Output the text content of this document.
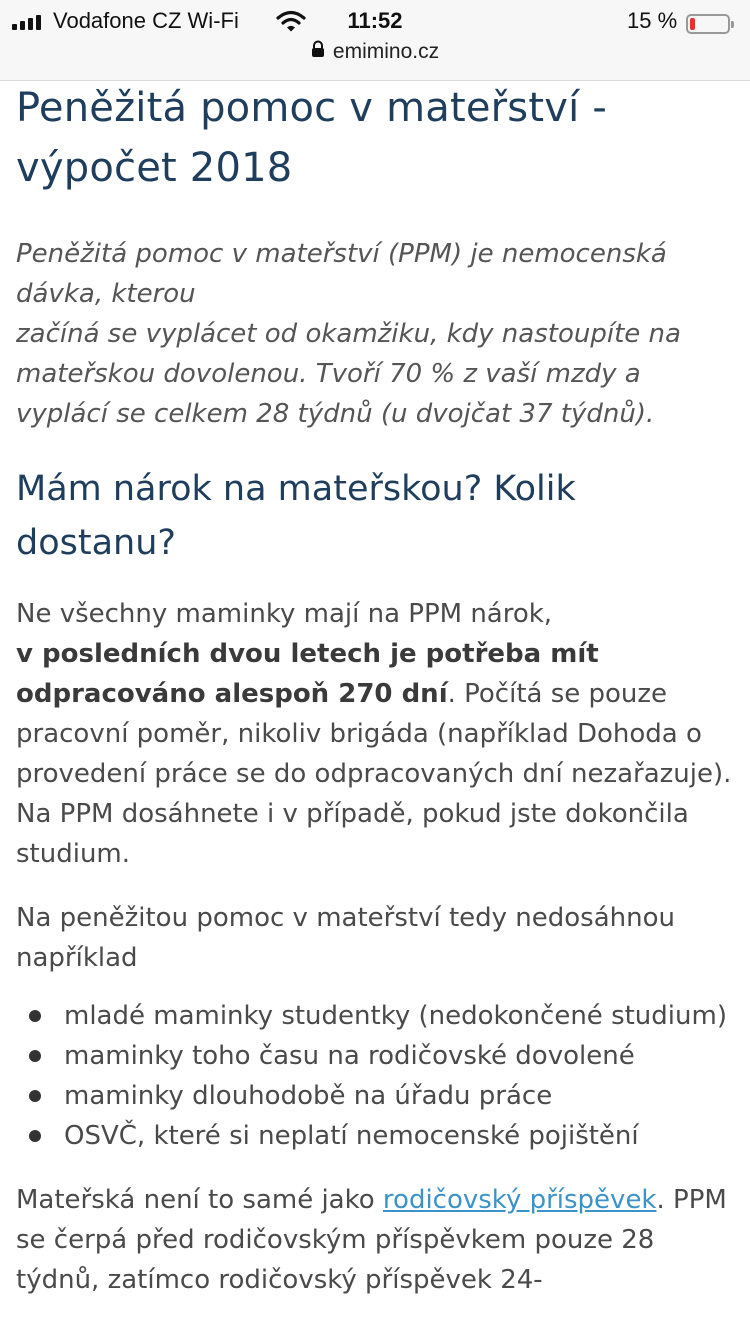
Vodafone CZ Wi-Fi	11:52	15 %
emimino.cz
Peněžitá pomoc v mateřství -
výpočet 2018

Peněžitá pomoc v mateřství (PPM) je nemocenská dávka, kterou
začíná se vyplácet od okamžiku, kdy nastoupíte na mateřskou dovolenou. Tvoří 70 % z vaší mzdy a vyplácí se celkem 28 týdnů (u dvojčat 37 týdnů).

Mám nárok na mateřskou? Kolik dostanu?

Ne všechny maminky mají na PPM nárok,
v posledních dvou letech je potřeba mít odpracováno alespoň 270 dní. Počítá se pouze pracovní poměr, nikoliv brigáda (například Dohoda o provedení práce se do odpracovaných dní nezařazuje). Na PPM dosáhnete i v případě, pokud jste dokončila studium.

Na peněžitou pomoc v mateřství tedy nedosáhnou například

mladé maminky studentky (nedokončené studium)
maminky toho času na rodičovské dovolené
maminky dlouhodobě na úřadu práce
OSVČ, které si neplatí nemocenské pojištění

Mateřská není to samé jako rodičovský příspěvek. PPM se čerpá před rodičovským příspěvkem pouze 28 týdnů, zatímco rodičovský příspěvek 24-
